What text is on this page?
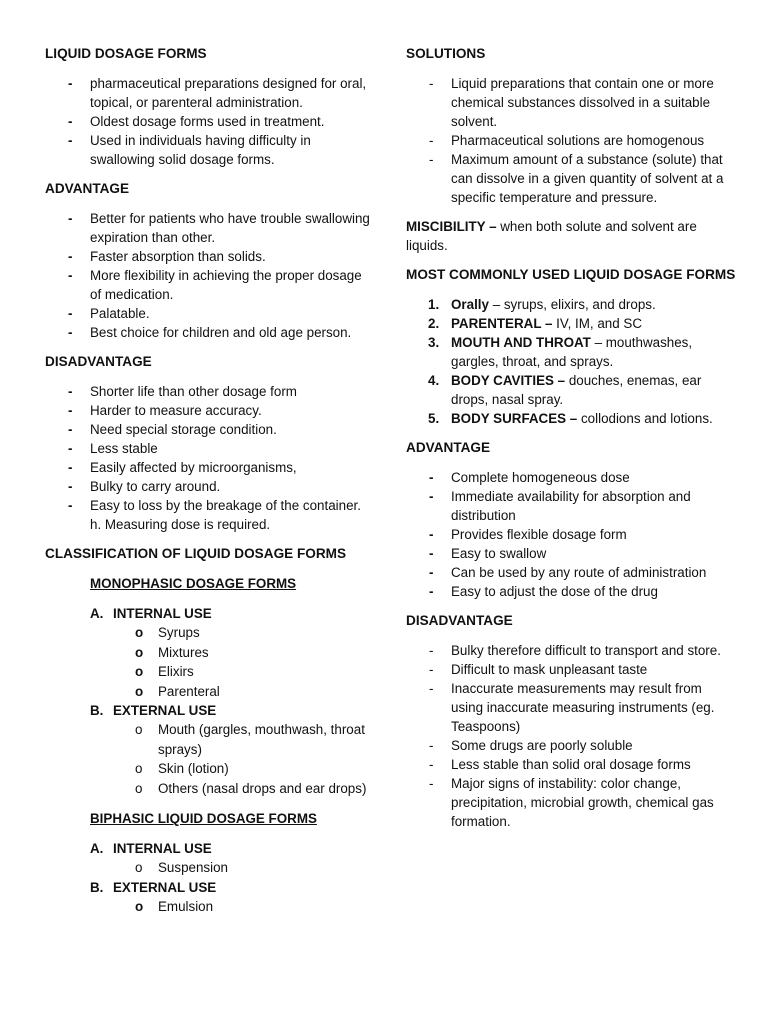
LIQUID DOSAGE FORMS

- pharmaceutical preparations designed for oral, topical, or parenteral administration.
- Oldest dosage forms used in treatment.
- Used in individuals having difficulty in swallowing solid dosage forms.

ADVANTAGE

- Better for patients who have trouble swallowing expiration than other.
- Faster absorption than solids.
- More flexibility in achieving the proper dosage of medication.
- Palatable.
- Best choice for children and old age person.

DISADVANTAGE

- Shorter life than other dosage form
- Harder to measure accuracy.
- Need special storage condition.
- Less stable
- Easily affected by microorganisms,
- Bulky to carry around.
- Easy to loss by the breakage of the container. h. Measuring dose is required.

CLASSIFICATION OF LIQUID DOSAGE FORMS

MONOPHASIC DOSAGE FORMS
A. INTERNAL USE
o Syrups
o Mixtures
o Elixirs
o Parenteral
B. EXTERNAL USE
o Mouth (gargles, mouthwash, throat sprays)
o Skin (lotion)
o Others (nasal drops and ear drops)
BIPHASIC LIQUID DOSAGE FORMS
A. INTERNAL USE
o Suspension
B. EXTERNAL USE
o Emulsion

SOLUTIONS

- Liquid preparations that contain one or more chemical substances dissolved in a suitable solvent.
- Pharmaceutical solutions are homogenous
- Maximum amount of a substance (solute) that can dissolve in a given quantity of solvent at a specific temperature and pressure.

MISCIBILITY – when both solute and solvent are liquids.

MOST COMMONLY USED LIQUID DOSAGE FORMS

1. Orally – syrups, elixirs, and drops.
2. PARENTERAL – IV, IM, and SC
3. MOUTH AND THROAT – mouthwashes, gargles, throat, and sprays.
4. BODY CAVITIES – douches, enemas, ear drops, nasal spray.
5. BODY SURFACES – collodions and lotions.

ADVANTAGE

- Complete homogeneous dose
- Immediate availability for absorption and distribution
- Provides flexible dosage form
- Easy to swallow
- Can be used by any route of administration
- Easy to adjust the dose of the drug

DISADVANTAGE

- Bulky therefore difficult to transport and store.
- Difficult to mask unpleasant taste
- Inaccurate measurements may result from using inaccurate measuring instruments (eg. Teaspoons)
- Some drugs are poorly soluble
- Less stable than solid oral dosage forms
- Major signs of instability: color change, precipitation, microbial growth, chemical gas formation.
